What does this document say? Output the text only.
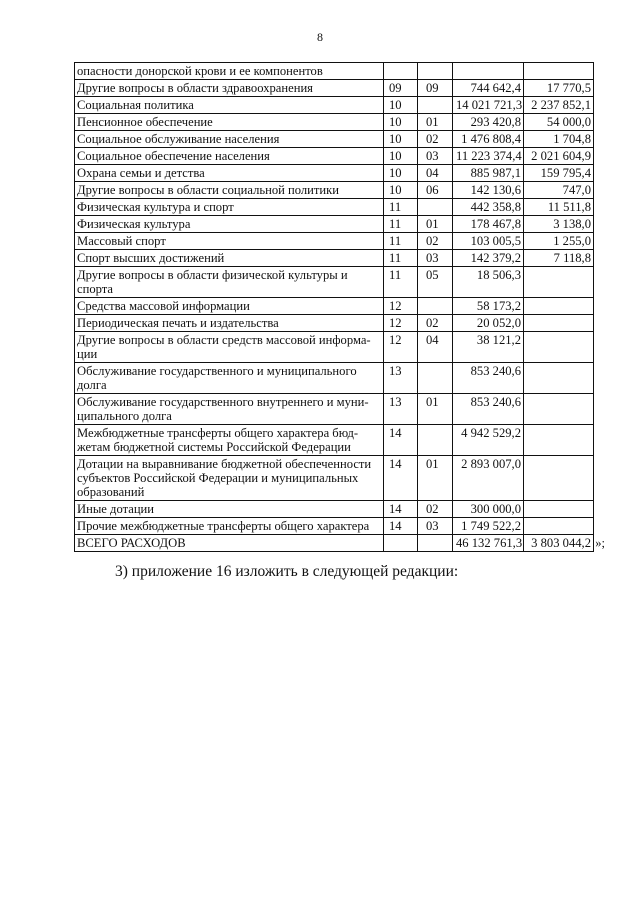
8
опасности донорской крови и ее компонентов				
Другие вопросы в области здравоохранения	09	09	744 642,4	17 770,5
Социальная политика	10		14 021 721,3	2 237 852,1
Пенсионное обеспечение	10	01	293 420,8	54 000,0
Социальное обслуживание населения	10	02	1 476 808,4	1 704,8
Социальное обеспечение населения	10	03	11 223 374,4	2 021 604,9
Охрана семьи и детства	10	04	885 987,1	159 795,4
Другие вопросы в области социальной политики	10	06	142 130,6	747,0
Физическая культура и спорт	11		442 358,8	11 511,8
Физическая культура	11	01	178 467,8	3 138,0
Массовый спорт	11	02	103 005,5	1 255,0
Спорт высших достижений	11	03	142 379,2	7 118,8
Другие вопросы в области физической культуры и спорта	11	05	18 506,3	
Средства массовой информации	12		58 173,2	
Периодическая печать и издательства	12	02	20 052,0	
Другие вопросы в области средств массовой информа-ции	12	04	38 121,2	
Обслуживание государственного и муниципального долга	13		853 240,6	
Обслуживание государственного внутреннего и муни-ципального долга	13	01	853 240,6	
Межбюджетные трансферты общего характера бюд-жетам бюджетной системы Российской Федерации	14		4 942 529,2	
Дотации на выравнивание бюджетной обеспеченности субъектов Российской Федерации и муниципальных образований	14	01	2 893 007,0	
Иные дотации	14	02	300 000,0	
Прочие межбюджетные трансферты общего характера	14	03	1 749 522,2	
ВСЕГО РАСХОДОВ			46 132 761,3	3 803 044,2 »;
3) приложение 16 изложить в следующей редакции:
